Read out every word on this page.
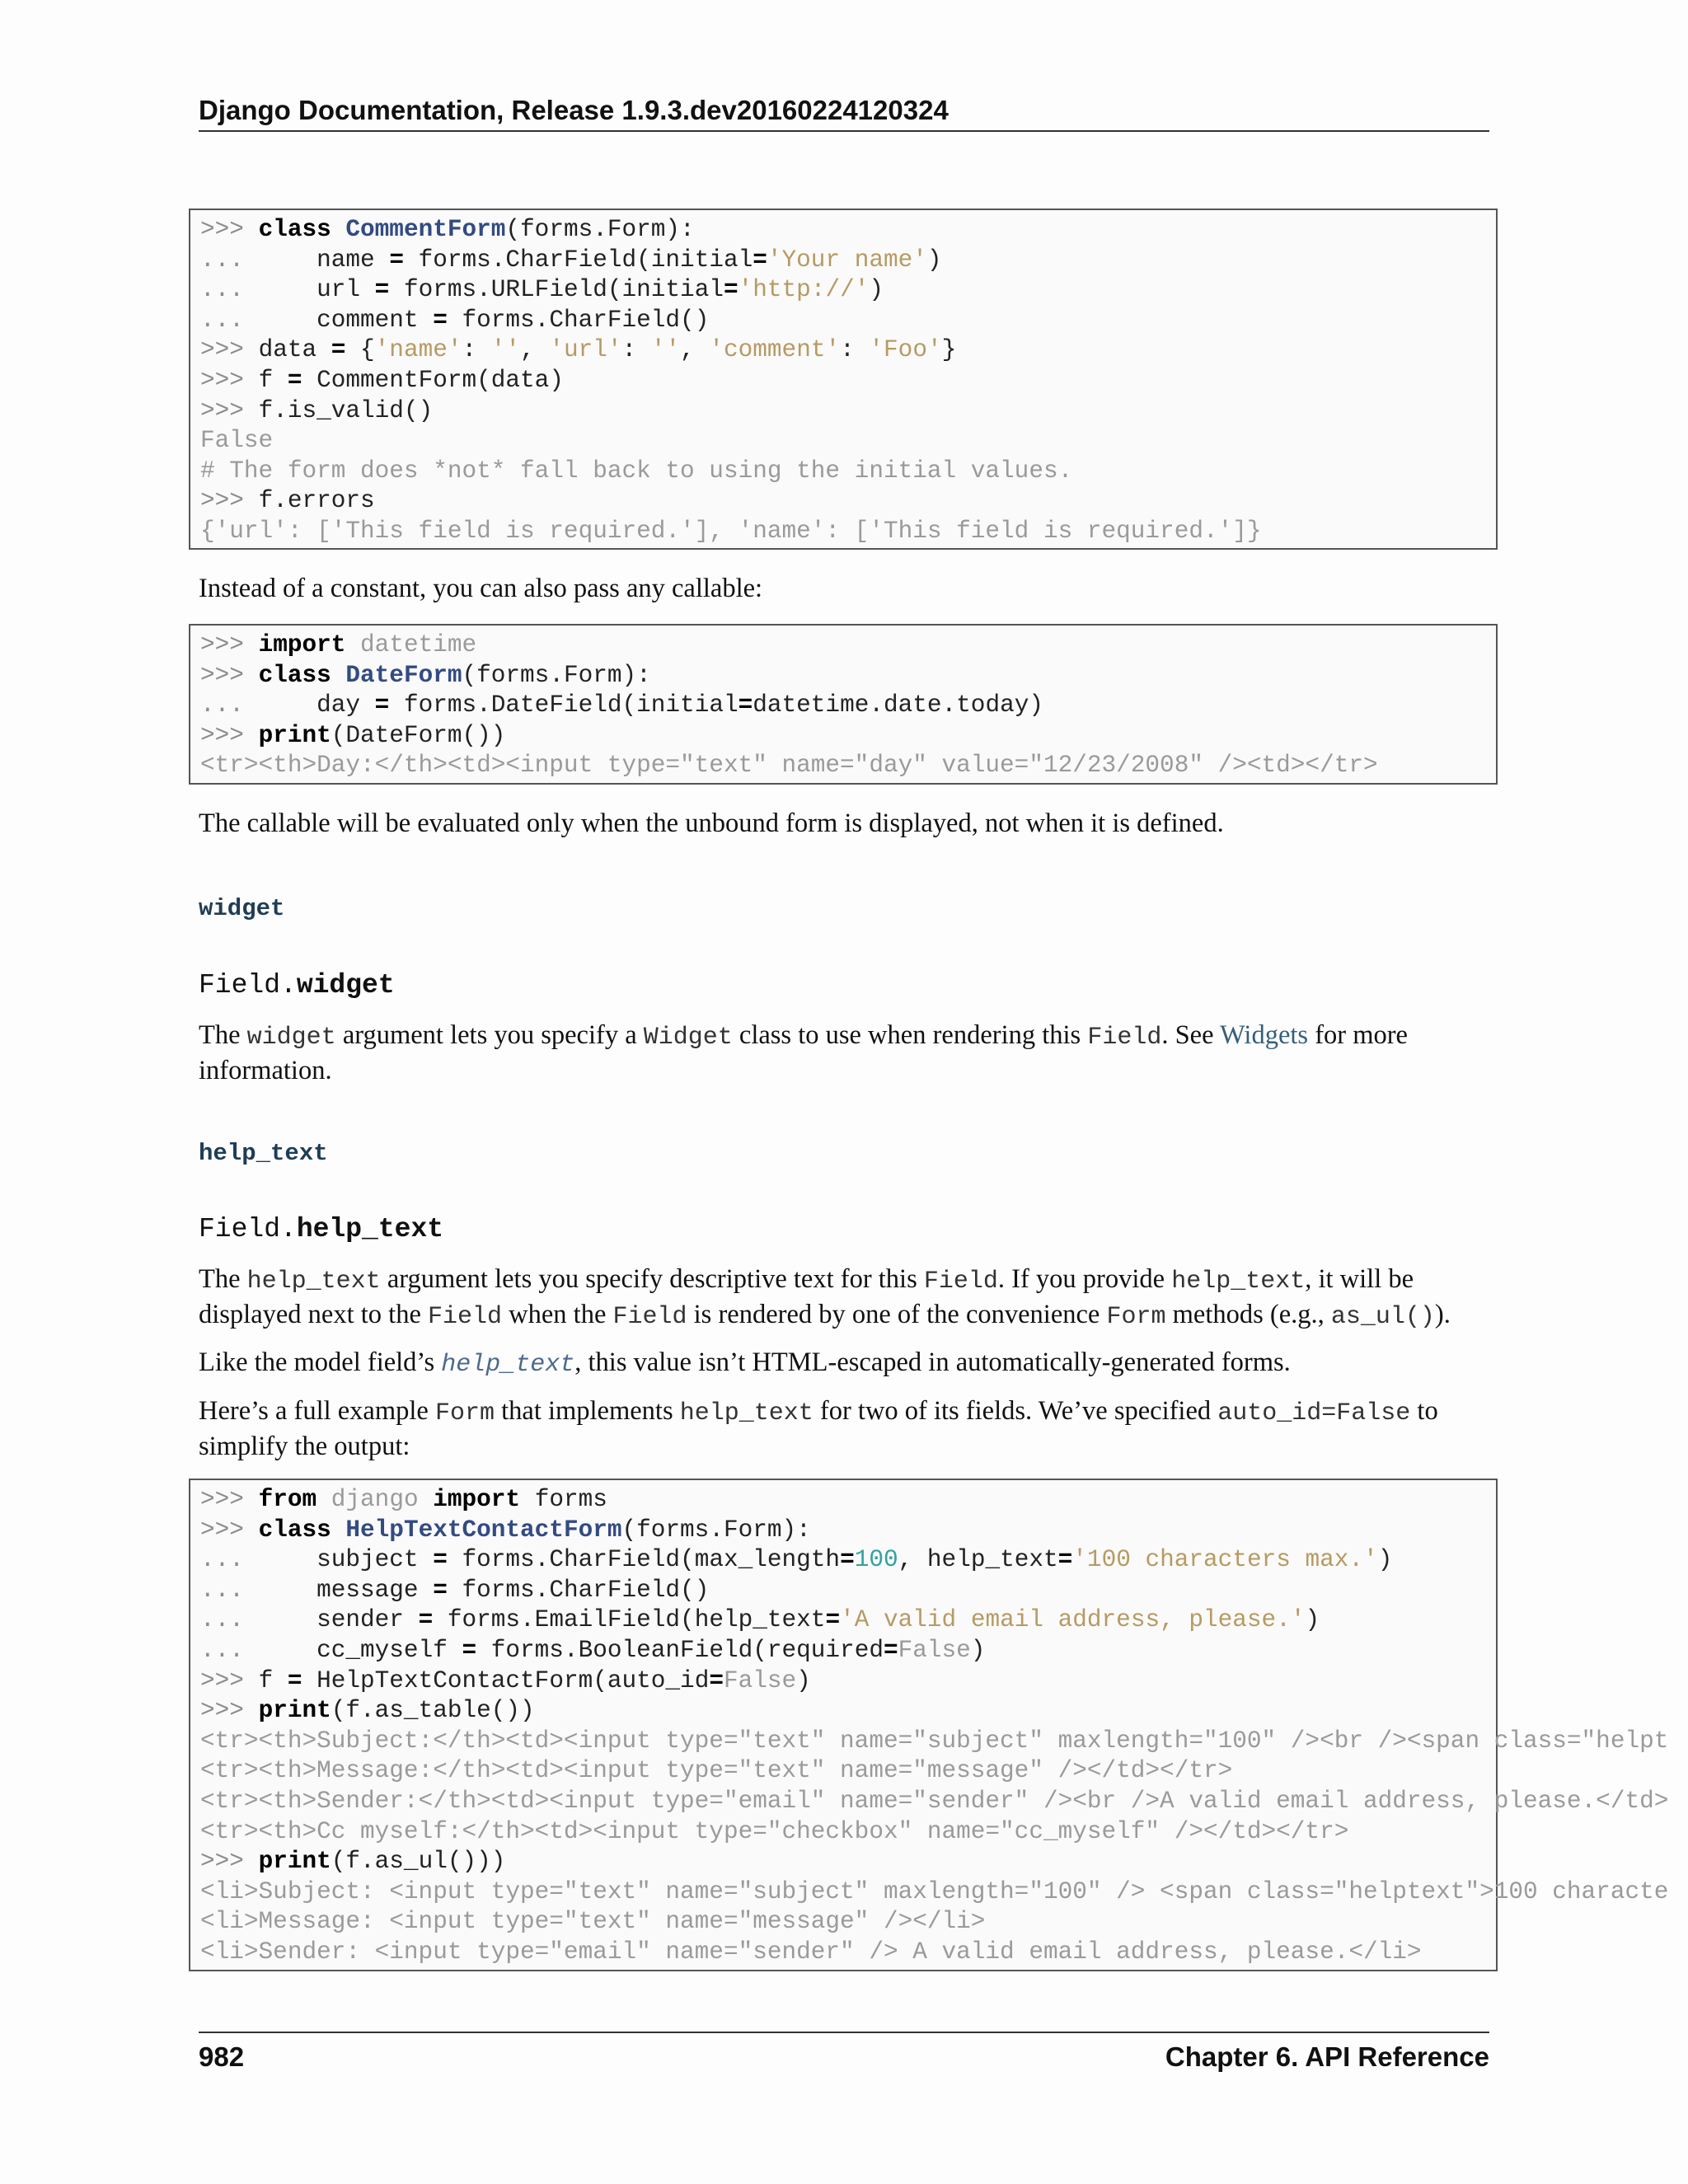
Django Documentation, Release 1.9.3.dev20160224120324
>>> class CommentForm(forms.Form):
...     name = forms.CharField(initial='Your name')
...     url = forms.URLField(initial='http://')
...     comment = forms.CharField()
>>> data = {'name': '', 'url': '', 'comment': 'Foo'}
>>> f = CommentForm(data)
>>> f.is_valid()
False
# The form does *not* fall back to using the initial values.
>>> f.errors
{'url': ['This field is required.'], 'name': ['This field is required.']}
Instead of a constant, you can also pass any callable:
>>> import datetime
>>> class DateForm(forms.Form):
...     day = forms.DateField(initial=datetime.date.today)
>>> print(DateForm())
<tr><th>Day:</th><td><input type="text" name="day" value="12/23/2008" /><td></tr>
The callable will be evaluated only when the unbound form is displayed, not when it is defined.
widget
Field.widget
The widget argument lets you specify a Widget class to use when rendering this Field. See Widgets for more information.
help_text
Field.help_text
The help_text argument lets you specify descriptive text for this Field. If you provide help_text, it will be displayed next to the Field when the Field is rendered by one of the convenience Form methods (e.g., as_ul()).
Like the model field’s help_text, this value isn’t HTML-escaped in automatically-generated forms.
Here’s a full example Form that implements help_text for two of its fields. We’ve specified auto_id=False to simplify the output:
>>> from django import forms
>>> class HelpTextContactForm(forms.Form):
...     subject = forms.CharField(max_length=100, help_text='100 characters max.')
...     message = forms.CharField()
...     sender = forms.EmailField(help_text='A valid email address, please.')
...     cc_myself = forms.BooleanField(required=False)
>>> f = HelpTextContactForm(auto_id=False)
>>> print(f.as_table())
<tr><th>Subject:</th><td><input type="text" name="subject" maxlength="100" /><br /><span class="helpt
<tr><th>Message:</th><td><input type="text" name="message" /></td></tr>
<tr><th>Sender:</th><td><input type="email" name="sender" /><br />A valid email address, please.</td>
<tr><th>Cc myself:</th><td><input type="checkbox" name="cc_myself" /></td></tr>
>>> print(f.as_ul()))
<li>Subject: <input type="text" name="subject" maxlength="100" /> <span class="helptext">100 characte
<li>Message: <input type="text" name="message" /></li>
<li>Sender: <input type="email" name="sender" /> A valid email address, please.</li>
982	Chapter 6. API Reference
